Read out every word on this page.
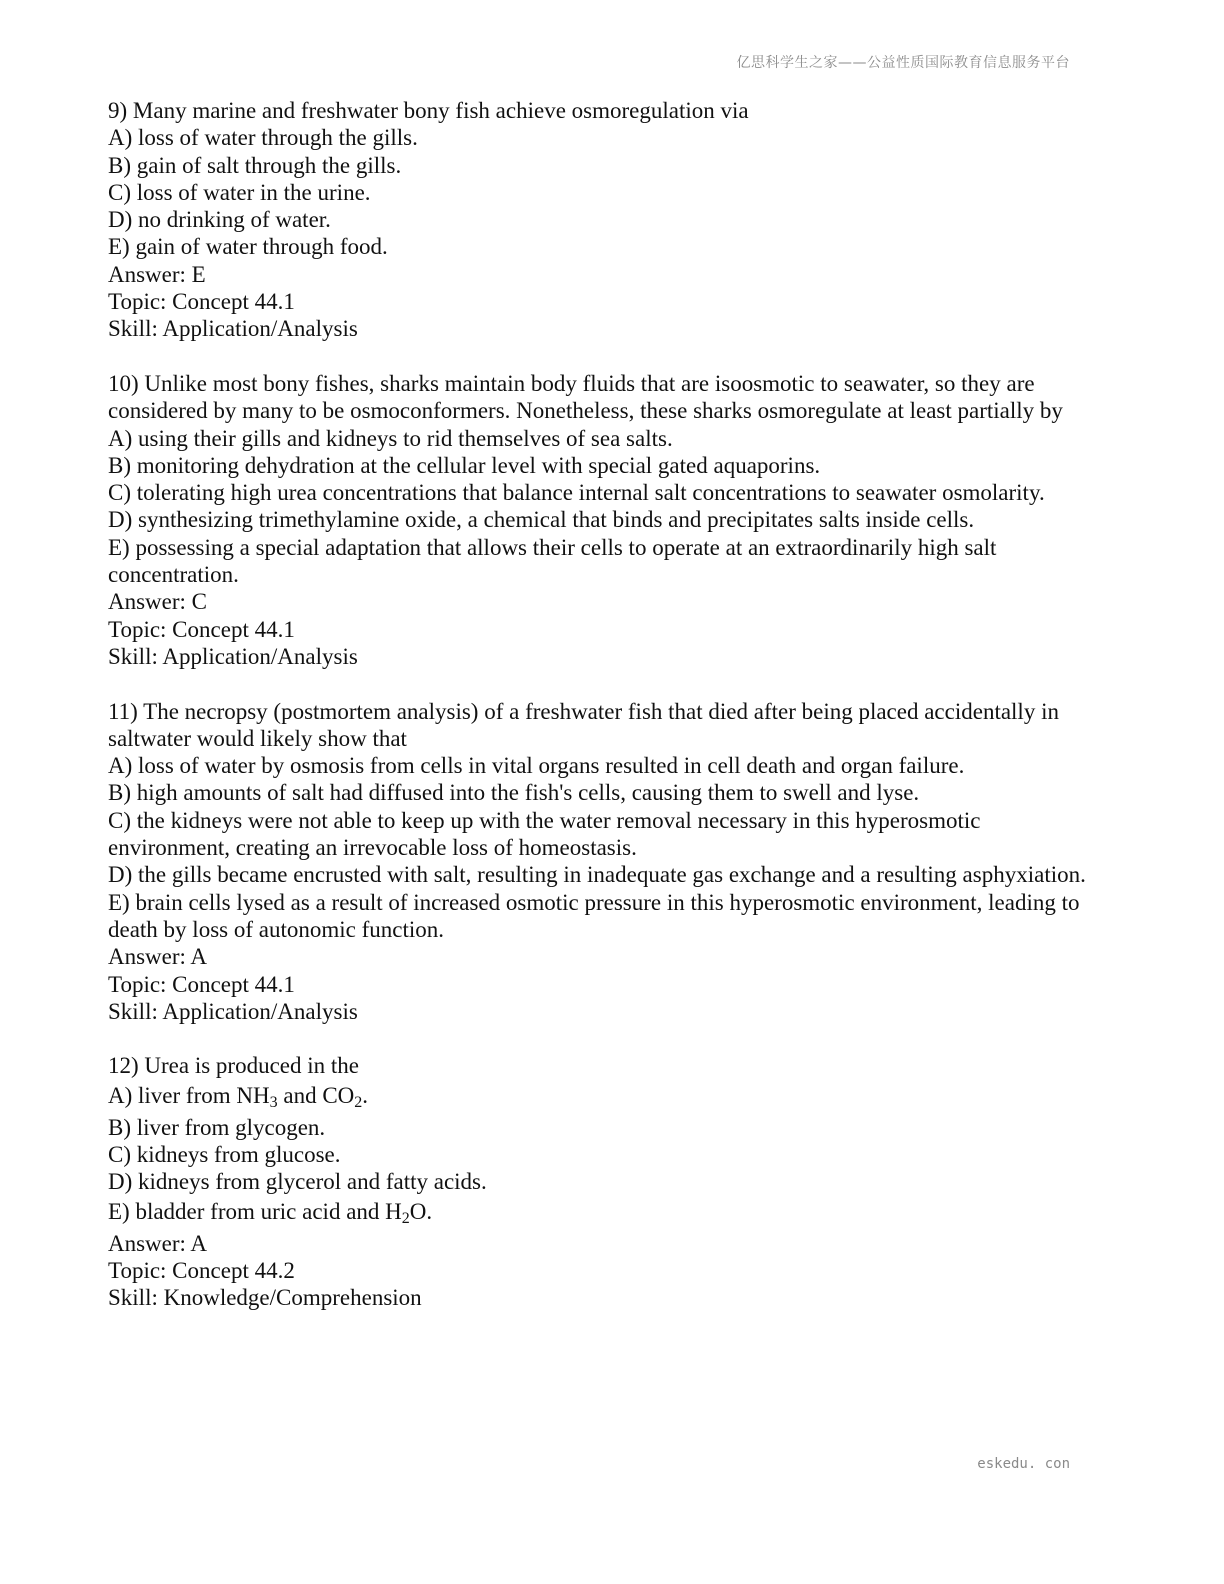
亿思科学生之家——公益性质国际教育信息服务平台
9) Many marine and freshwater bony fish achieve osmoregulation via
A) loss of water through the gills.
B) gain of salt through the gills.
C) loss of water in the urine.
D) no drinking of water.
E) gain of water through food.
Answer: E
Topic: Concept 44.1
Skill: Application/Analysis
10) Unlike most bony fishes, sharks maintain body fluids that are isoosmotic to seawater, so they are considered by many to be osmoconformers. Nonetheless, these sharks osmoregulate at least partially by
A) using their gills and kidneys to rid themselves of sea salts.
B) monitoring dehydration at the cellular level with special gated aquaporins.
C) tolerating high urea concentrations that balance internal salt concentrations to seawater osmolarity.
D) synthesizing trimethylamine oxide, a chemical that binds and precipitates salts inside cells.
E) possessing a special adaptation that allows their cells to operate at an extraordinarily high salt concentration.
Answer: C
Topic: Concept 44.1
Skill: Application/Analysis
11) The necropsy (postmortem analysis) of a freshwater fish that died after being placed accidentally in saltwater would likely show that
A) loss of water by osmosis from cells in vital organs resulted in cell death and organ failure.
B) high amounts of salt had diffused into the fish's cells, causing them to swell and lyse.
C) the kidneys were not able to keep up with the water removal necessary in this hyperosmotic environment, creating an irrevocable loss of homeostasis.
D) the gills became encrusted with salt, resulting in inadequate gas exchange and a resulting asphyxiation.
E) brain cells lysed as a result of increased osmotic pressure in this hyperosmotic environment, leading to death by loss of autonomic function.
Answer: A
Topic: Concept 44.1
Skill: Application/Analysis
12) Urea is produced in the
A) liver from NH3 and CO2.
B) liver from glycogen.
C) kidneys from glucose.
D) kidneys from glycerol and fatty acids.
E) bladder from uric acid and H2O.
Answer: A
Topic: Concept 44.2
Skill: Knowledge/Comprehension
eskedu. con
